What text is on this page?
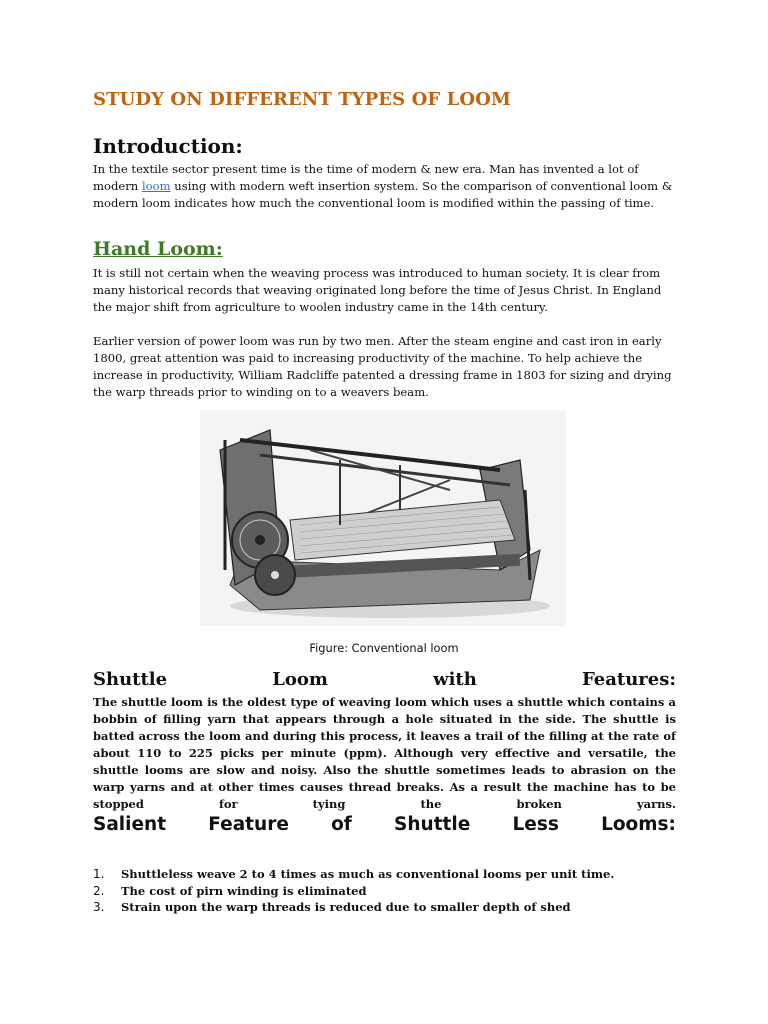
STUDY ON DIFFERENT TYPES OF LOOM
Introduction:

In the textile sector present time is the time of modern & new era. Man has invented a lot of modern loom using with modern weft insertion system. So the comparison of conventional loom & modern loom indicates how much the conventional loom is modified within the passing of time.

Hand Loom:

It is still not certain when the weaving process was introduced to human society. It is clear from many historical records that weaving originated long before the time of Jesus Christ. In England the major shift from agriculture to woolen industry came in the 14th century.

Earlier version of power loom was run by two men. After the steam engine and cast iron in early 1800, great attention was paid to increasing productivity of the machine. To help achieve the increase in productivity, William Radcliffe patented a dressing frame in 1803 for sizing and drying the warp threads prior to winding on to a weavers beam.

Figure: Conventional loom
Shuttle	Loom	with	Features:

The shuttle loom is the oldest type of weaving loom which uses a shuttle which contains a bobbin of filling yarn that appears through a hole situated in the side. The shuttle is batted across the loom and during this process, it leaves a trail of the filling at the rate of about 110 to 225 picks per minute (ppm). Although very effective and versatile, the shuttle looms are slow and noisy. Also the shuttle sometimes leads to abrasion on the warp yarns and at other times causes thread breaks. As a result the machine has to be stopped for tying the broken yarns.

Salient Feature of Shuttle Less Looms:
1.	Shuttleless weave 2 to 4 times as much as conventional looms per unit time.
2.	The cost of pirn winding is eliminated
3.	Strain upon the warp threads is reduced due to smaller depth of shed
